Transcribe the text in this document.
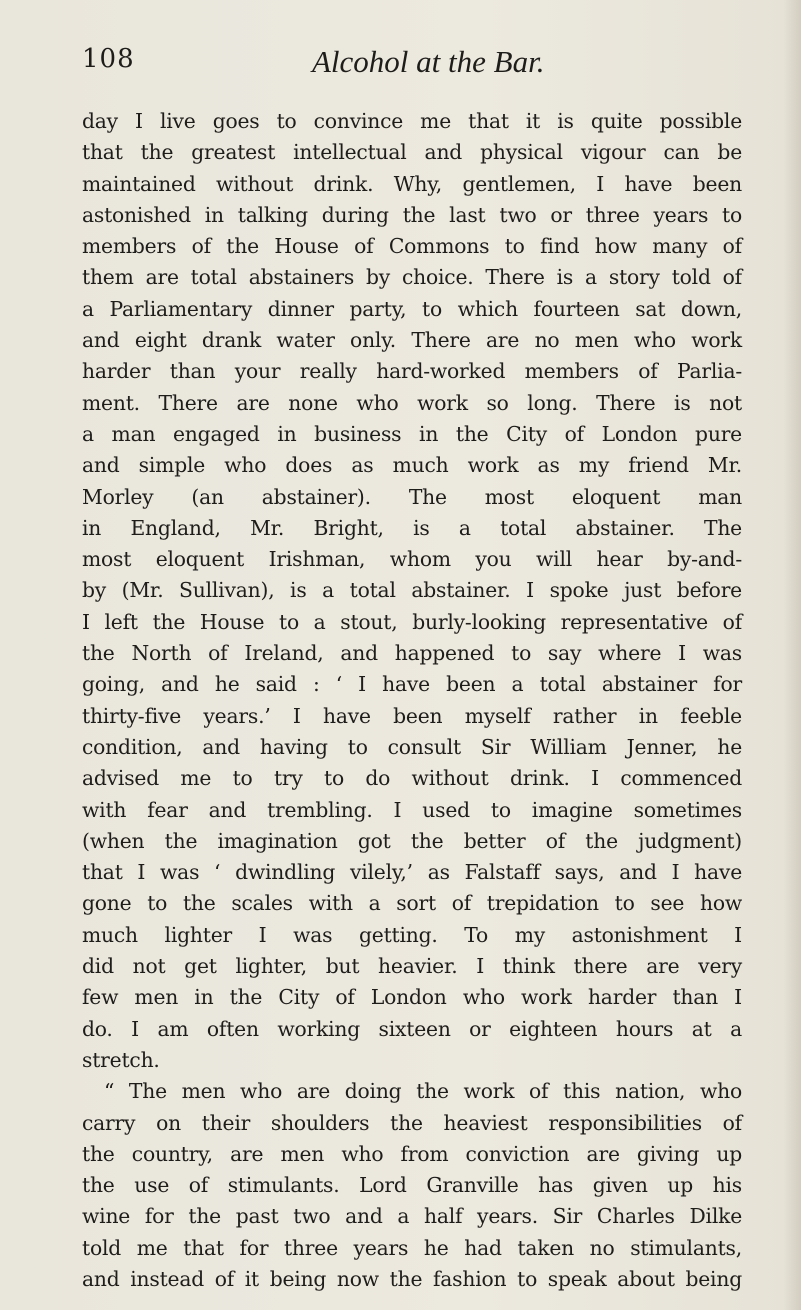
108	Alcohol at the Bar.
day I live goes to convince me that it is quite possible
that the greatest intellectual and physical vigour can be
maintained without drink. Why, gentlemen, I have been
astonished in talking during the last two or three years to
members of the House of Commons to find how many of
them are total abstainers by choice. There is a story told of
a Parliamentary dinner party, to which fourteen sat down,
and eight drank water only. There are no men who work
harder than your really hard-worked members of Parlia-
ment. There are none who work so long. There is not
a man engaged in business in the City of London pure
and simple who does as much work as my friend Mr.
Morley (an abstainer). The most eloquent man
in England, Mr. Bright, is a total abstainer. The
most eloquent Irishman, whom you will hear by-and-
by (Mr. Sullivan), is a total abstainer. I spoke just before
I left the House to a stout, burly-looking representative of
the North of Ireland, and happened to say where I was
going, and he said : ‘ I have been a total abstainer for
thirty-five years.’ I have been myself rather in feeble
condition, and having to consult Sir William Jenner, he
advised me to try to do without drink. I commenced
with fear and trembling. I used to imagine sometimes
(when the imagination got the better of the judgment)
that I was ‘ dwindling vilely,’ as Falstaff says, and I have
gone to the scales with a sort of trepidation to see how
much lighter I was getting. To my astonishment I
did not get lighter, but heavier. I think there are very
few men in the City of London who work harder than I
do. I am often working sixteen or eighteen hours at a
stretch.
“ The men who are doing the work of this nation, who
carry on their shoulders the heaviest responsibilities of
the country, are men who from conviction are giving up
the use of stimulants. Lord Granville has given up his
wine for the past two and a half years. Sir Charles Dilke
told me that for three years he had taken no stimulants,
and instead of it being now the fashion to speak about being
